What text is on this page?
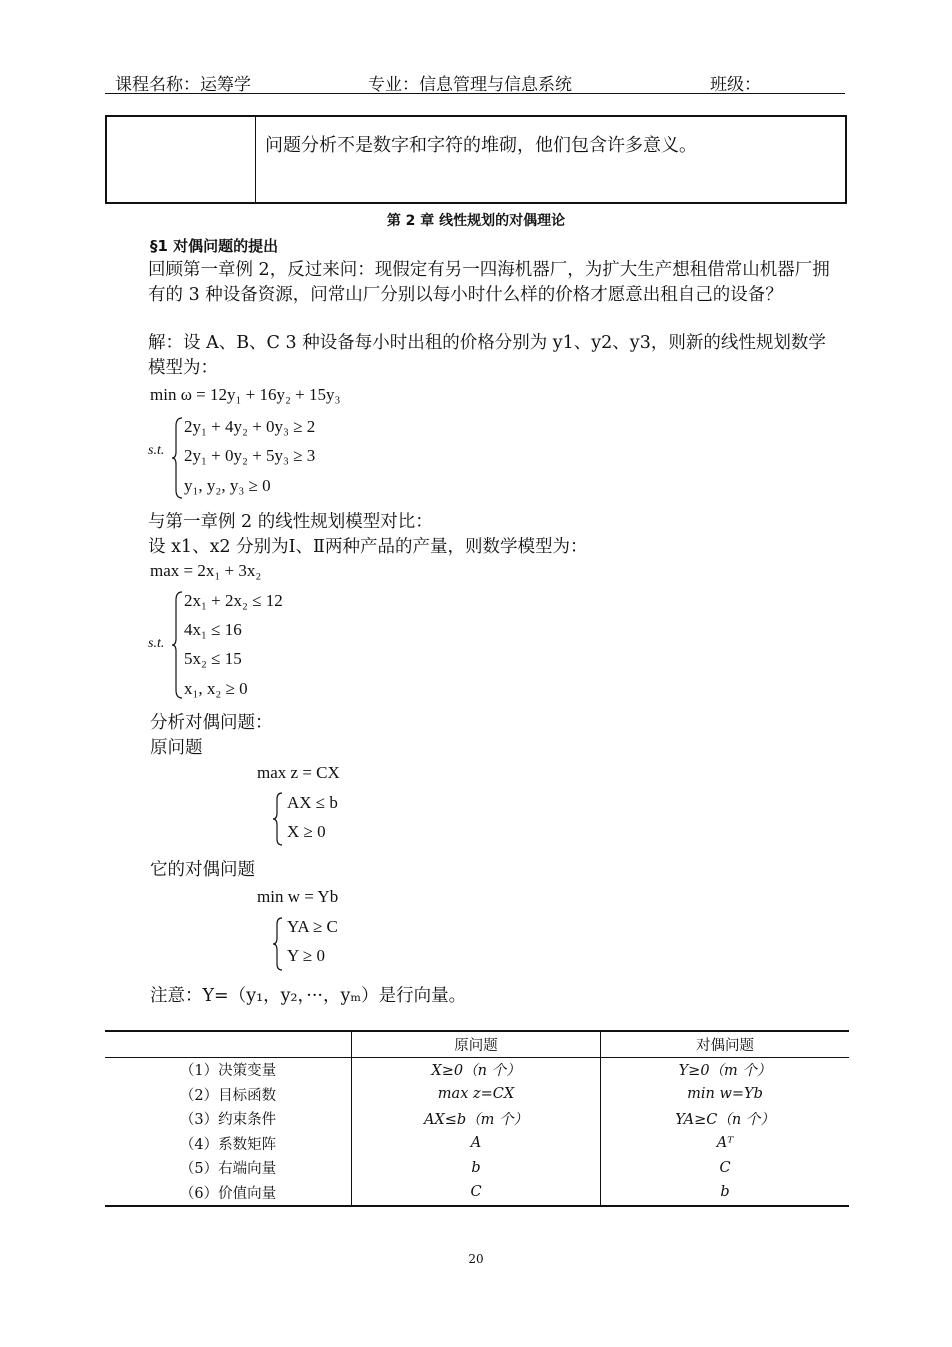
课程名称：运筹学	专业：信息管理与信息系统	班级：
问题分析不是数字和字符的堆砌，他们包含许多意义。
第 2 章 线性规划的对偶理论
§1 对偶问题的提出
回顾第一章例 2，反过来问：现假定有另一四海机器厂，为扩大生产想租借常山机器厂拥有的 3 种设备资源，问常山厂分别以每小时什么样的价格才愿意出租自己的设备？
解：设 A、B、C 3 种设备每小时出租的价格分别为 y1、y2、y3，则新的线性规划数学模型为：
min ω = 12y₁ + 16y₂ + 15y₃
s.t.
2y₁ + 4y₂ + 0y₃ ≥ 2
2y₁ + 0y₂ + 5y₃ ≥ 3
y₁, y₂, y₃ ≥ 0
与第一章例 2 的线性规划模型对比：
设 x1、x2 分别为Ⅰ、Ⅱ两种产品的产量，则数学模型为：
max = 2x₁ + 3x₂
s.t.
2x₁ + 2x₂ ≤ 12
4x₁ ≤ 16
5x₂ ≤ 15
x₁, x₂ ≥ 0
分析对偶问题：
原问题
max z = CX
AX ≤ b
X ≥ 0
它的对偶问题
min w = Yb
YA ≥ C
Y ≥ 0
注意：Y=（y₁，y₂，···，yₘ）是行向量。
	原问题	对偶问题
（1）决策变量	X≥0（n 个）	Y≥0（m 个）
（2）目标函数	max z=CX	min w=Yb
（3）约束条件	AX≤b（m 个）	YA≥C（n 个）
（4）系数矩阵	A	Aᵀ
（5）右端向量	b	C
（6）价值向量	C	b
20
